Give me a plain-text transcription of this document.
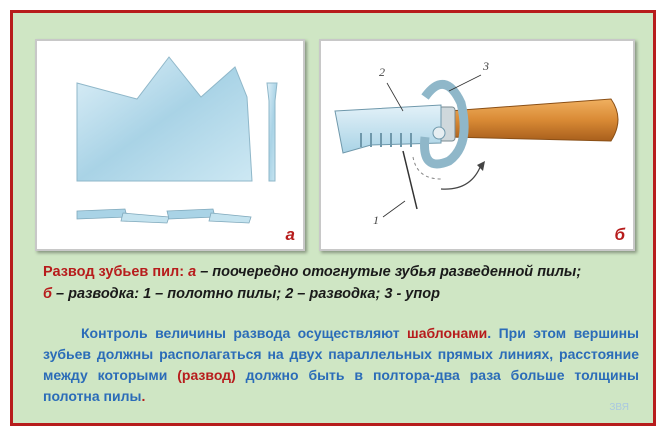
а
2	3
1
б
Развод зубьев пил: а – поочередно отогнутые зубья разведенной пилы;
б – разводка: 1 – полотно пилы; 2 – разводка; 3 - упор
Контроль величины развода осуществляют шаблонами. При этом вершины зубьев должны располагаться на двух параллельных прямых линиях, расстояние между которыми (развод) должно быть в полтора-два раза больше толщины полотна пилы.
ЗВЯ
